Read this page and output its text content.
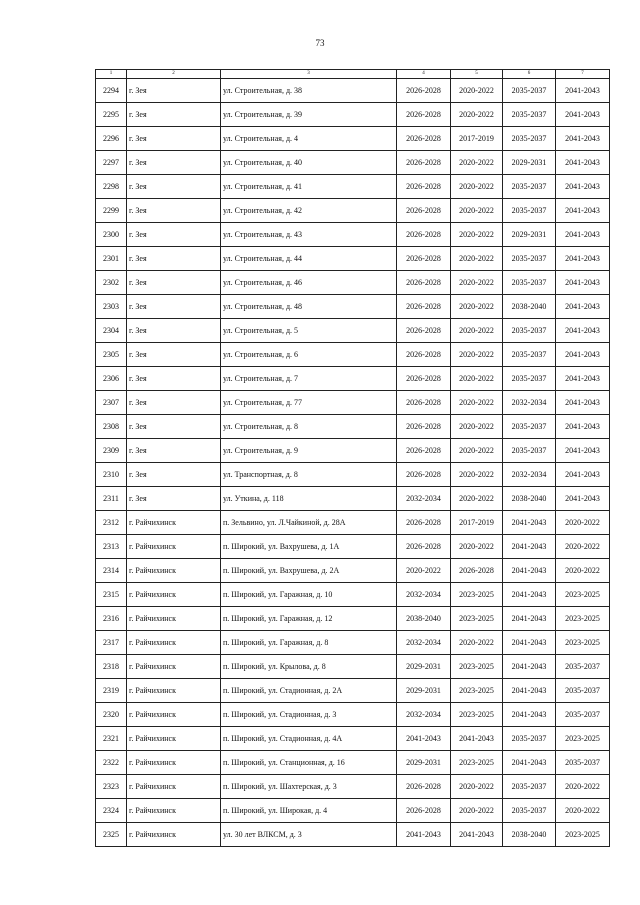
73
1	2	3	4	5	6	7
2294	г. Зея	ул. Строительная, д. 38	2026-2028	2020-2022	2035-2037	2041-2043
2295	г. Зея	ул. Строительная, д. 39	2026-2028	2020-2022	2035-2037	2041-2043
2296	г. Зея	ул. Строительная, д. 4	2026-2028	2017-2019	2035-2037	2041-2043
2297	г. Зея	ул. Строительная, д. 40	2026-2028	2020-2022	2029-2031	2041-2043
2298	г. Зея	ул. Строительная, д. 41	2026-2028	2020-2022	2035-2037	2041-2043
2299	г. Зея	ул. Строительная, д. 42	2026-2028	2020-2022	2035-2037	2041-2043
2300	г. Зея	ул. Строительная, д. 43	2026-2028	2020-2022	2029-2031	2041-2043
2301	г. Зея	ул. Строительная, д. 44	2026-2028	2020-2022	2035-2037	2041-2043
2302	г. Зея	ул. Строительная, д. 46	2026-2028	2020-2022	2035-2037	2041-2043
2303	г. Зея	ул. Строительная, д. 48	2026-2028	2020-2022	2038-2040	2041-2043
2304	г. Зея	ул. Строительная, д. 5	2026-2028	2020-2022	2035-2037	2041-2043
2305	г. Зея	ул. Строительная, д. 6	2026-2028	2020-2022	2035-2037	2041-2043
2306	г. Зея	ул. Строительная, д. 7	2026-2028	2020-2022	2035-2037	2041-2043
2307	г. Зея	ул. Строительная, д. 77	2026-2028	2020-2022	2032-2034	2041-2043
2308	г. Зея	ул. Строительная, д. 8	2026-2028	2020-2022	2035-2037	2041-2043
2309	г. Зея	ул. Строительная, д. 9	2026-2028	2020-2022	2035-2037	2041-2043
2310	г. Зея	ул. Транспортная, д. 8	2026-2028	2020-2022	2032-2034	2041-2043
2311	г. Зея	ул. Уткина, д. 118	2032-2034	2020-2022	2038-2040	2041-2043
2312	г. Райчихинск	п. Зельвино, ул. Л.Чайкиной, д. 28А	2026-2028	2017-2019	2041-2043	2020-2022
2313	г. Райчихинск	п. Широкий, ул. Вахрушева, д. 1А	2026-2028	2020-2022	2041-2043	2020-2022
2314	г. Райчихинск	п. Широкий, ул. Вахрушева, д. 2А	2020-2022	2026-2028	2041-2043	2020-2022
2315	г. Райчихинск	п. Широкий, ул. Гаражная, д. 10	2032-2034	2023-2025	2041-2043	2023-2025
2316	г. Райчихинск	п. Широкий, ул. Гаражная, д. 12	2038-2040	2023-2025	2041-2043	2023-2025
2317	г. Райчихинск	п. Широкий, ул. Гаражная, д. 8	2032-2034	2020-2022	2041-2043	2023-2025
2318	г. Райчихинск	п. Широкий, ул. Крылова, д. 8	2029-2031	2023-2025	2041-2043	2035-2037
2319	г. Райчихинск	п. Широкий, ул. Стадионная, д. 2А	2029-2031	2023-2025	2041-2043	2035-2037
2320	г. Райчихинск	п. Широкий, ул. Стадионная, д. 3	2032-2034	2023-2025	2041-2043	2035-2037
2321	г. Райчихинск	п. Широкий, ул. Стадионная, д. 4А	2041-2043	2041-2043	2035-2037	2023-2025
2322	г. Райчихинск	п. Широкий, ул. Станционная, д. 16	2029-2031	2023-2025	2041-2043	2035-2037
2323	г. Райчихинск	п. Широкий, ул. Шахтерская, д. 3	2026-2028	2020-2022	2035-2037	2020-2022
2324	г. Райчихинск	п. Широкий, ул. Широкая, д. 4	2026-2028	2020-2022	2035-2037	2020-2022
2325	г. Райчихинск	ул. 30 лет ВЛКСМ, д. 3	2041-2043	2041-2043	2038-2040	2023-2025
